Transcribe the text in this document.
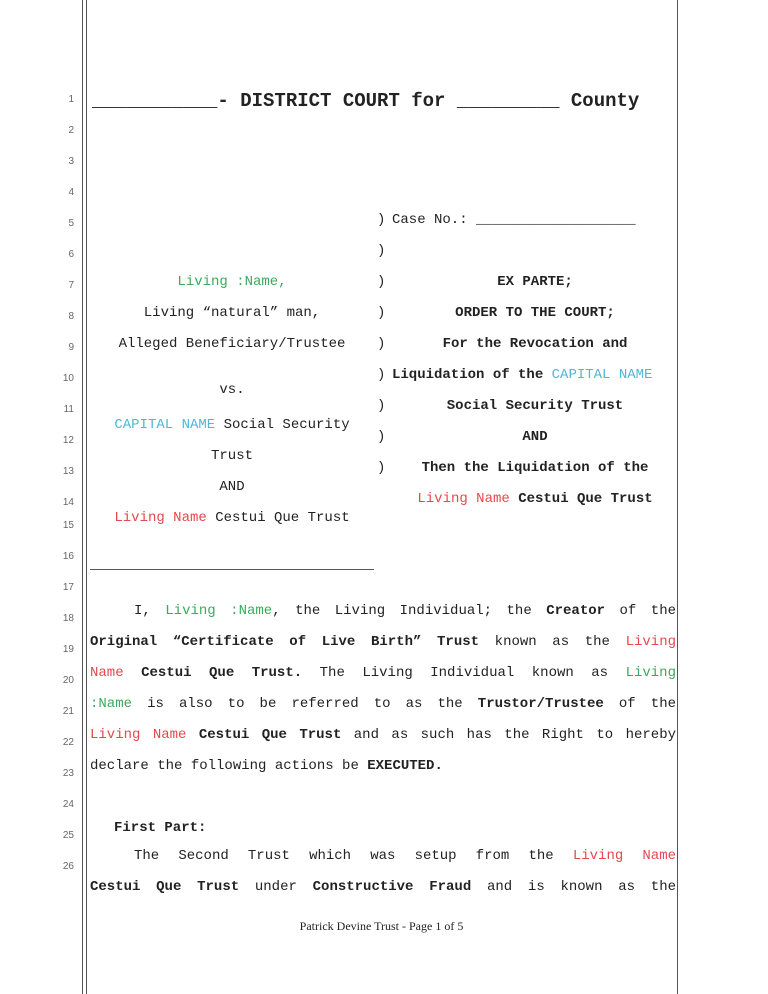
1
2
3
4
5
6
7
8
9
10
11
12
13
14
15
16
17
18
19
20
21
22
23
24
25
26
___________- DISTRICT COURT for _________  County
)
)
)
)
)
)
)
)
)
Case No.: ___________________
Living :Name,
Living “natural” man,
Alleged Beneficiary/Trustee
vs.
CAPITAL NAME Social Security
Trust
AND
Living Name Cestui Que Trust
EX PARTE;
ORDER TO THE COURT;
For the Revocation and
Liquidation of the CAPITAL NAME
Social Security Trust
AND
Then the Liquidation of the
Living Name Cestui Que Trust
I, Living :Name, the Living Individual; the Creator of the
Original “Certificate of Live Birth” Trust known as the Living
Name Cestui Que Trust. The Living Individual known as Living
:Name is also to be referred to as the Trustor/Trustee of the
Living Name Cestui Que Trust and as such has the Right to hereby
declare the following actions be EXECUTED.
First Part:
The Second Trust which was setup from the Living Name
Cestui Que Trust under Constructive Fraud and is known as the
Patrick Devine Trust - Page 1 of 5
